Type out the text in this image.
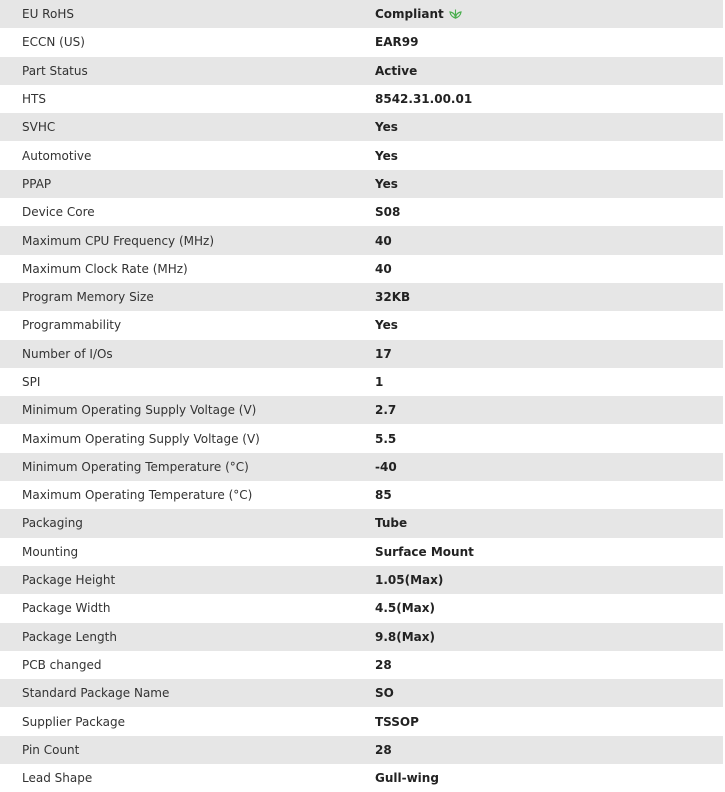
EU RoHS	Compliant
ECCN (US)	EAR99
Part Status	Active
HTS	8542.31.00.01
SVHC	Yes
Automotive	Yes
PPAP	Yes
Device Core	S08
Maximum CPU Frequency (MHz)	40
Maximum Clock Rate (MHz)	40
Program Memory Size	32KB
Programmability	Yes
Number of I/Os	17
SPI	1
Minimum Operating Supply Voltage (V)	2.7
Maximum Operating Supply Voltage (V)	5.5
Minimum Operating Temperature (°C)	-40
Maximum Operating Temperature (°C)	85
Packaging	Tube
Mounting	Surface Mount
Package Height	1.05(Max)
Package Width	4.5(Max)
Package Length	9.8(Max)
PCB changed	28
Standard Package Name	SO
Supplier Package	TSSOP
Pin Count	28
Lead Shape	Gull-wing
